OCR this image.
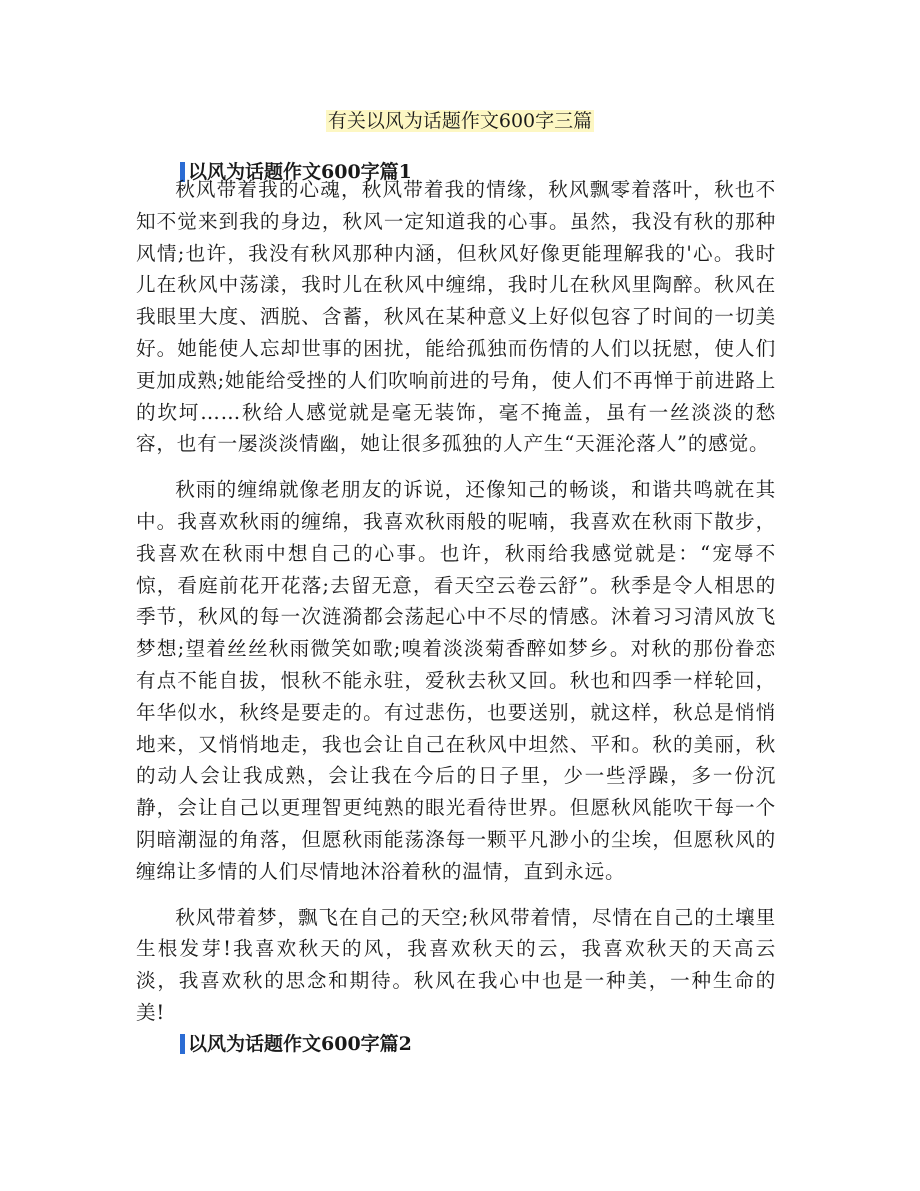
有关以风为话题作文600字三篇
以风为话题作文600字篇1

秋风带着我的心魂，秋风带着我的情缘，秋风飘零着落叶，秋也不知不觉来到我的身边，秋风一定知道我的心事。虽然，我没有秋的那种风情;也许，我没有秋风那种内涵，但秋风好像更能理解我的'心。我时儿在秋风中荡漾，我时儿在秋风中缠绵，我时儿在秋风里陶醉。秋风在我眼里大度、洒脱、含蓄，秋风在某种意义上好似包容了时间的一切美好。她能使人忘却世事的困扰，能给孤独而伤情的人们以抚慰，使人们更加成熟;她能给受挫的人们吹响前进的号角，使人们不再惮于前进路上的坎坷……秋给人感觉就是毫无装饰，毫不掩盖，虽有一丝淡淡的愁容，也有一屡淡淡情幽，她让很多孤独的人产生“天涯沦落人”的感觉。

秋雨的缠绵就像老朋友的诉说，还像知己的畅谈，和谐共鸣就在其中。我喜欢秋雨的缠绵，我喜欢秋雨般的呢喃，我喜欢在秋雨下散步，我喜欢在秋雨中想自己的心事。也许，秋雨给我感觉就是：“宠辱不惊，看庭前花开花落;去留无意，看天空云卷云舒”。秋季是令人相思的季节，秋风的每一次涟漪都会荡起心中不尽的情感。沐着习习清风放飞梦想;望着丝丝秋雨微笑如歌;嗅着淡淡菊香醉如梦乡。对秋的那份眷恋有点不能自拔，恨秋不能永驻，爱秋去秋又回。秋也和四季一样轮回，年华似水，秋终是要走的。有过悲伤，也要送别，就这样，秋总是悄悄地来，又悄悄地走，我也会让自己在秋风中坦然、平和。秋的美丽，秋的动人会让我成熟，会让我在今后的日子里，少一些浮躁，多一份沉静，会让自己以更理智更纯熟的眼光看待世界。但愿秋风能吹干每一个阴暗潮湿的角落，但愿秋雨能荡涤每一颗平凡渺小的尘埃，但愿秋风的缠绵让多情的人们尽情地沐浴着秋的温情，直到永远。

秋风带着梦，飘飞在自己的天空;秋风带着情，尽情在自己的土壤里生根发芽!我喜欢秋天的风，我喜欢秋天的云，我喜欢秋天的天高云淡，我喜欢秋的思念和期待。秋风在我心中也是一种美，一种生命的美!

以风为话题作文600字篇2
